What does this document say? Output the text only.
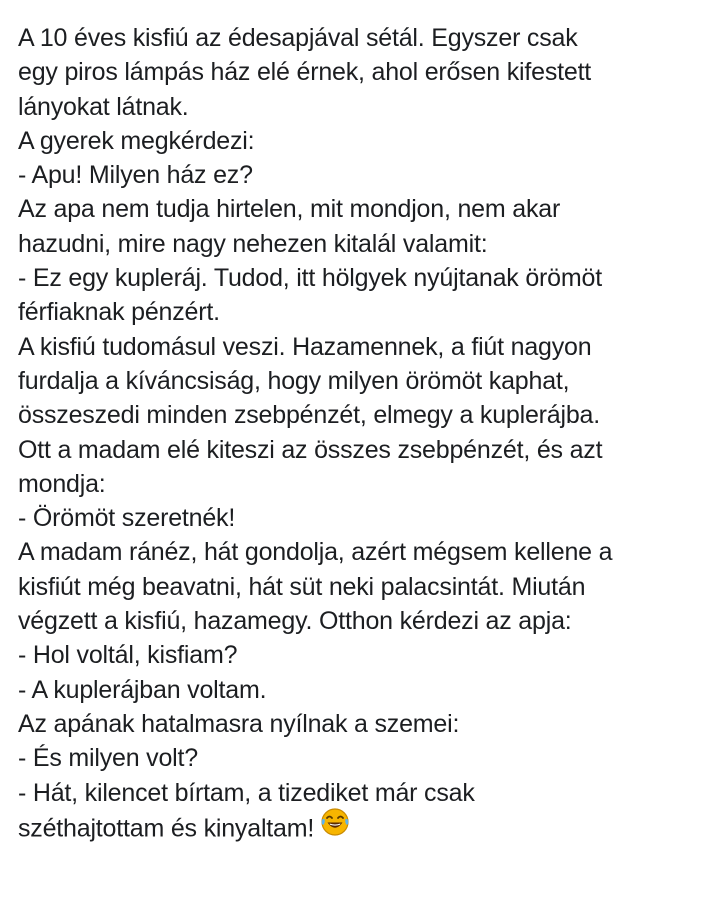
A 10 éves kisfiú az édesapjával sétál. Egyszer csak
egy piros lámpás ház elé érnek, ahol erősen kifestett
lányokat látnak.
A gyerek megkérdezi:
- Apu! Milyen ház ez?
Az apa nem tudja hirtelen, mit mondjon, nem akar
hazudni, mire nagy nehezen kitalál valamit:
- Ez egy kupleráj. Tudod, itt hölgyek nyújtanak örömöt
férfiaknak pénzért.
A kisfiú tudomásul veszi. Hazamennek, a fiút nagyon
furdalja a kíváncsiság, hogy milyen örömöt kaphat,
összeszedi minden zsebpénzét, elmegy a kuplerájba.
Ott a madam elé kiteszi az összes zsebpénzét, és azt
mondja:
- Örömöt szeretnék!
A madam ránéz, hát gondolja, azért mégsem kellene a
kisfiút még beavatni, hát süt neki palacsintát. Miután
végzett a kisfiú, hazamegy. Otthon kérdezi az apja:
- Hol voltál, kisfiam?
- A kuplerájban voltam.
Az apának hatalmasra nyílnak a szemei:
- És milyen volt?
- Hát, kilencet bírtam, a tizediket már csak
széthajtottam és kinyaltam!
